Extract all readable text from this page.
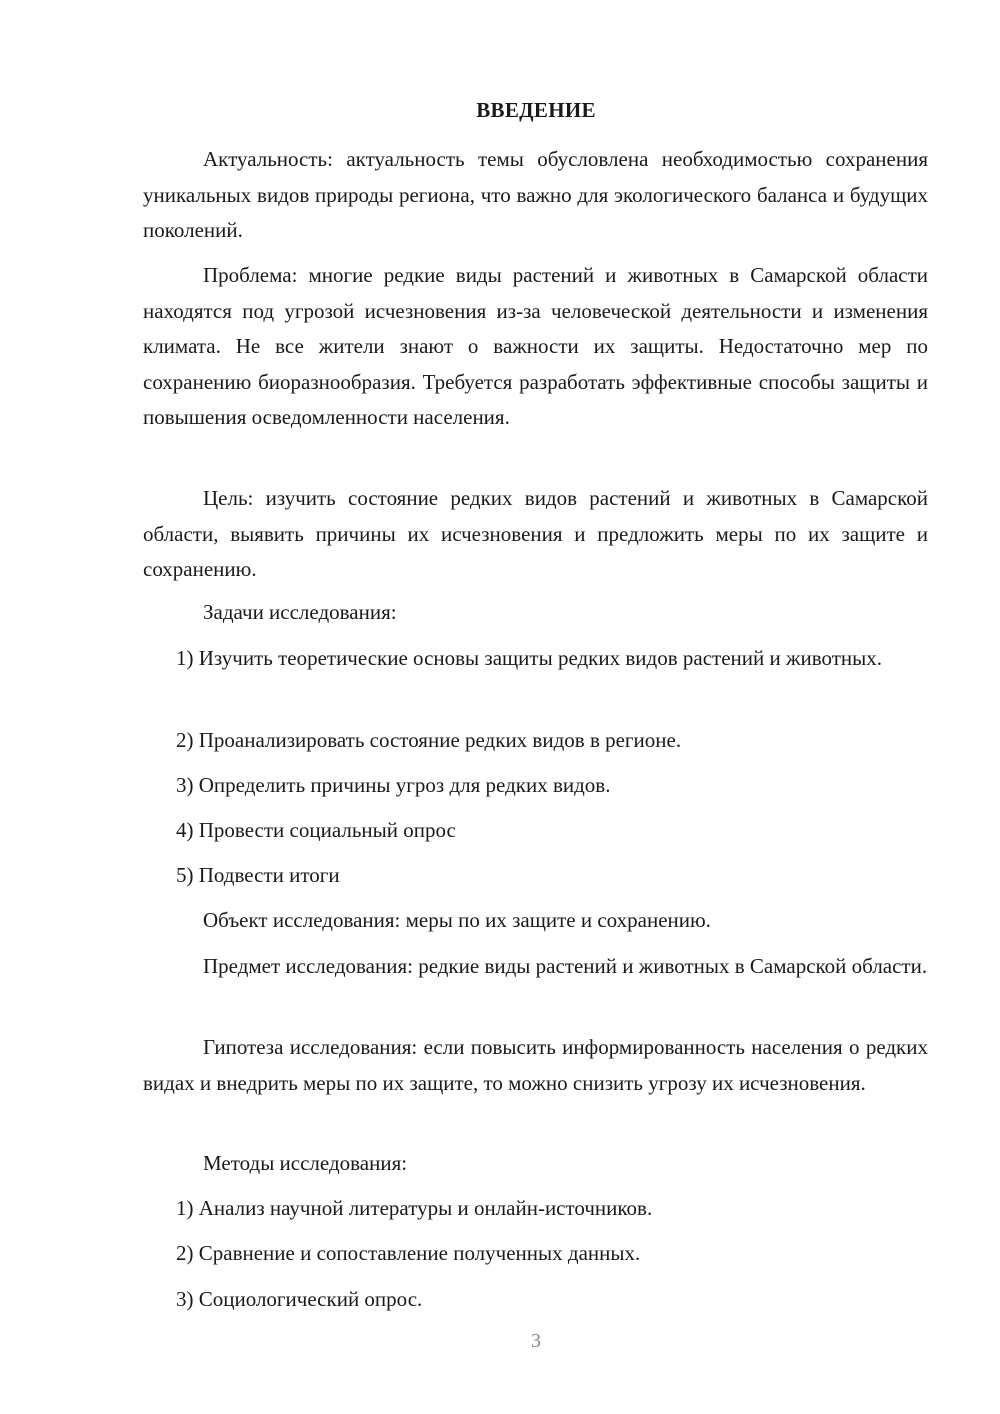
ВВЕДЕНИЕ

Актуальность: актуальность темы обусловлена необходимостью сохранения уникальных видов природы региона, что важно для экологического баланса и будущих поколений.

Проблема: многие редкие виды растений и животных в Самарской области находятся под угрозой исчезновения из-за человеческой деятельности и изменения климата. Не все жители знают о важности их защиты. Недостаточно мер по сохранению биоразнообразия. Требуется разработать эффективные способы защиты и повышения осведомленности населения.

Цель: изучить состояние редких видов растений и животных в Самарской области, выявить причины их исчезновения и предложить меры по их защите и сохранению.

Задачи исследования:

1) Изучить теоретические основы защиты редких видов растений и животных.

2) Проанализировать состояние редких видов в регионе.

3) Определить причины угроз для редких видов.

4) Провести социальный опрос

5) Подвести итоги

Объект исследования: меры по их защите и сохранению.

Предмет исследования: редкие виды растений и животных в Самарской области.

Гипотеза исследования: если повысить информированность населения о редких видах и внедрить меры по их защите, то можно снизить угрозу их исчезновения.

Методы исследования:

1) Анализ научной литературы и онлайн-источников.

2) Сравнение и сопоставление полученных данных.

3) Социологический опрос.

3
